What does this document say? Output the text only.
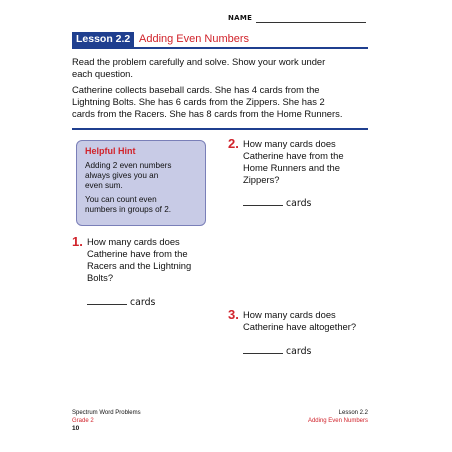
NAME
Lesson 2.2 Adding Even Numbers
Read the problem carefully and solve. Show your work under
each question.
Catherine collects baseball cards. She has 4 cards from the
Lightning Bolts. She has 6 cards from the Zippers. She has 2
cards from the Racers. She has 8 cards from the Home Runners.
Helpful Hint
Adding 2 even numbers
always gives you an
even sum.
You can count even
numbers in groups of 2.
1. How many cards does
Catherine have from the
Racers and the Lightning
Bolts?
cards
2. How many cards does
Catherine have from the
Home Runners and the
Zippers?
cards
3. How many cards does
Catherine have altogether?
cards
Spectrum Word Problems
Grade 2
10
Lesson 2.2
Adding Even Numbers
